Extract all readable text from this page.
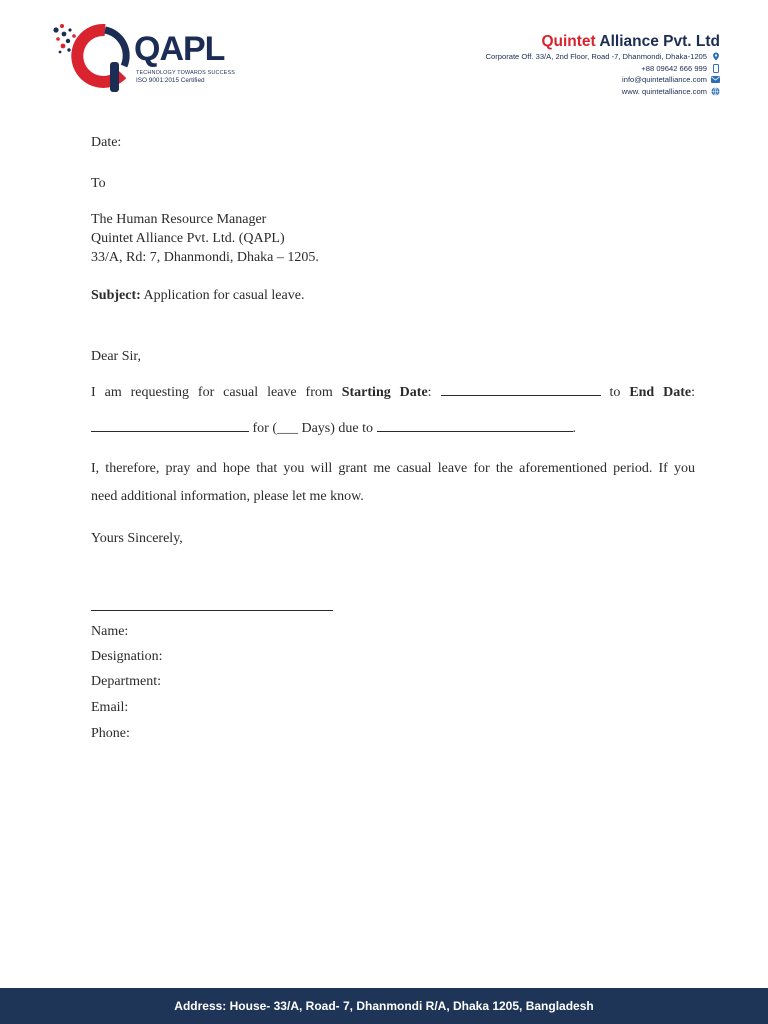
QAPL
TECHNOLOGY TOWARDS SUCCESS
ISO 9001:2015 Certified
Quintet Alliance Pvt. Ltd
Corporate Off. 33/A, 2nd Floor, Road -7, Dhanmondi, Dhaka-1205
+88 09642 666 999
info@quintetalliance.com
www. quintetalliance.com
Date:
To
The Human Resource Manager
Quintet Alliance Pvt. Ltd. (QAPL)
33/A, Rd: 7, Dhanmondi, Dhaka – 1205.
Subject: Application for casual leave.
Dear Sir,
I am requesting for casual leave from Starting Date:	to End Date:
for (___ Days) due to	.
I, therefore, pray and hope that you will grant me casual leave for the aforementioned period. If you
need additional information, please let me know.
Yours Sincerely,
Name:
Designation:
Department:
Email:
Phone:
Address: House- 33/A, Road- 7, Dhanmondi R/A, Dhaka 1205, Bangladesh
